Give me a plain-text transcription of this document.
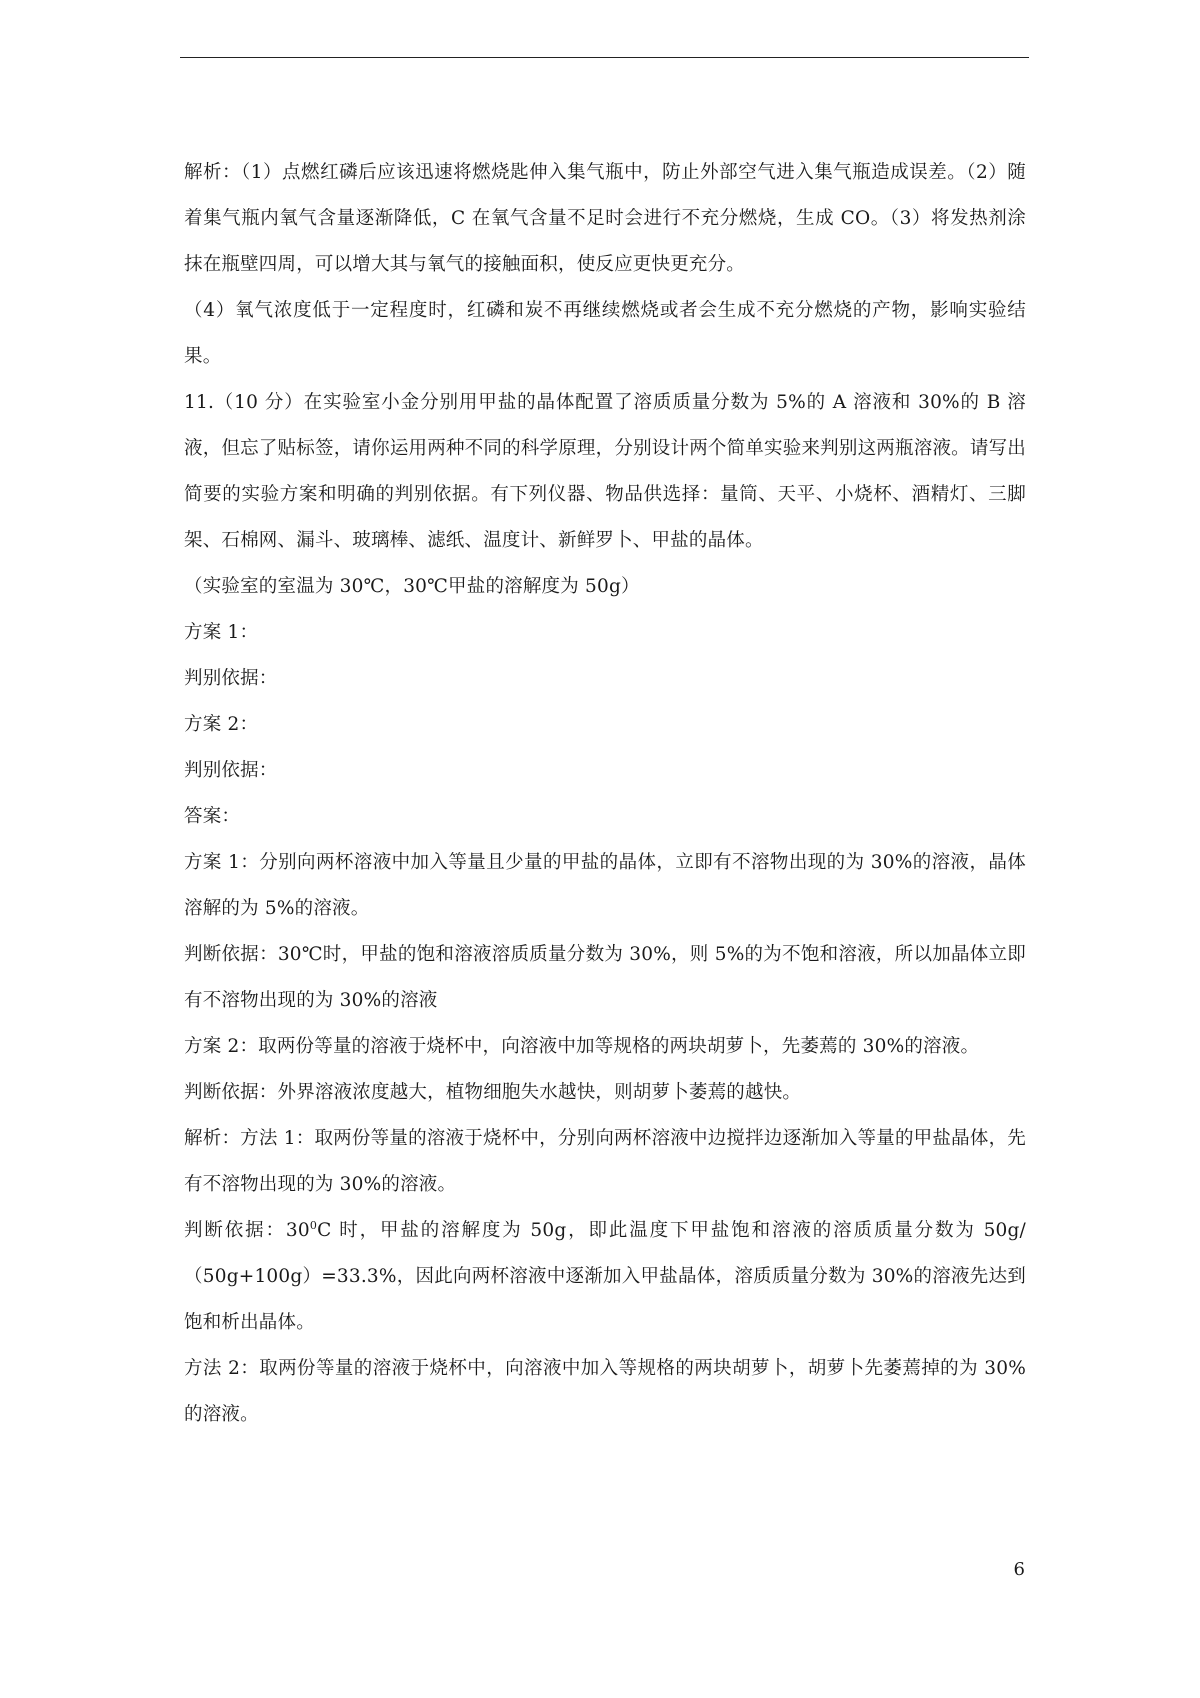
解析：（1）点燃红磷后应该迅速将燃烧匙伸入集气瓶中，防止外部空气进入集气瓶造成误差。（2）随着集气瓶内氧气含量逐渐降低，C 在氧气含量不足时会进行不充分燃烧，生成 CO。（3）将发热剂涂抹在瓶壁四周，可以增大其与氧气的接触面积，使反应更快更充分。

（4）氧气浓度低于一定程度时，红磷和炭不再继续燃烧或者会生成不充分燃烧的产物，影响实验结果。

11.（10 分）在实验室小金分别用甲盐的晶体配置了溶质质量分数为 5%的 A 溶液和 30%的 B 溶液，但忘了贴标签，请你运用两种不同的科学原理，分别设计两个简单实验来判别这两瓶溶液。请写出简要的实验方案和明确的判别依据。有下列仪器、物品供选择：量筒、天平、小烧杯、酒精灯、三脚架、石棉网、漏斗、玻璃棒、滤纸、温度计、新鲜罗卜、甲盐的晶体。

（实验室的室温为 30℃，30℃甲盐的溶解度为 50g）

方案 1：

判别依据：

方案 2：

判别依据：

答案：

方案 1：分别向两杯溶液中加入等量且少量的甲盐的晶体，立即有不溶物出现的为 30%的溶液，晶体溶解的为 5%的溶液。

判断依据：30℃时，甲盐的饱和溶液溶质质量分数为 30%，则 5%的为不饱和溶液，所以加晶体立即有不溶物出现的为 30%的溶液

方案 2：取两份等量的溶液于烧杯中，向溶液中加等规格的两块胡萝卜，先萎蔫的 30%的溶液。

判断依据：外界溶液浓度越大，植物细胞失水越快，则胡萝卜萎蔫的越快。

解析：方法 1：取两份等量的溶液于烧杯中，分别向两杯溶液中边搅拌边逐渐加入等量的甲盐晶体，先有不溶物出现的为 30%的溶液。

判断依据：$30^0C$ 时，甲盐的溶解度为 50g，即此温度下甲盐饱和溶液的溶质质量分数为 50g/（50g+100g）=33.3%，因此向两杯溶液中逐渐加入甲盐晶体，溶质质量分数为 30%的溶液先达到饱和析出晶体。

方法 2：取两份等量的溶液于烧杯中，向溶液中加入等规格的两块胡萝卜，胡萝卜先萎蔫掉的为 30%的溶液。

6
